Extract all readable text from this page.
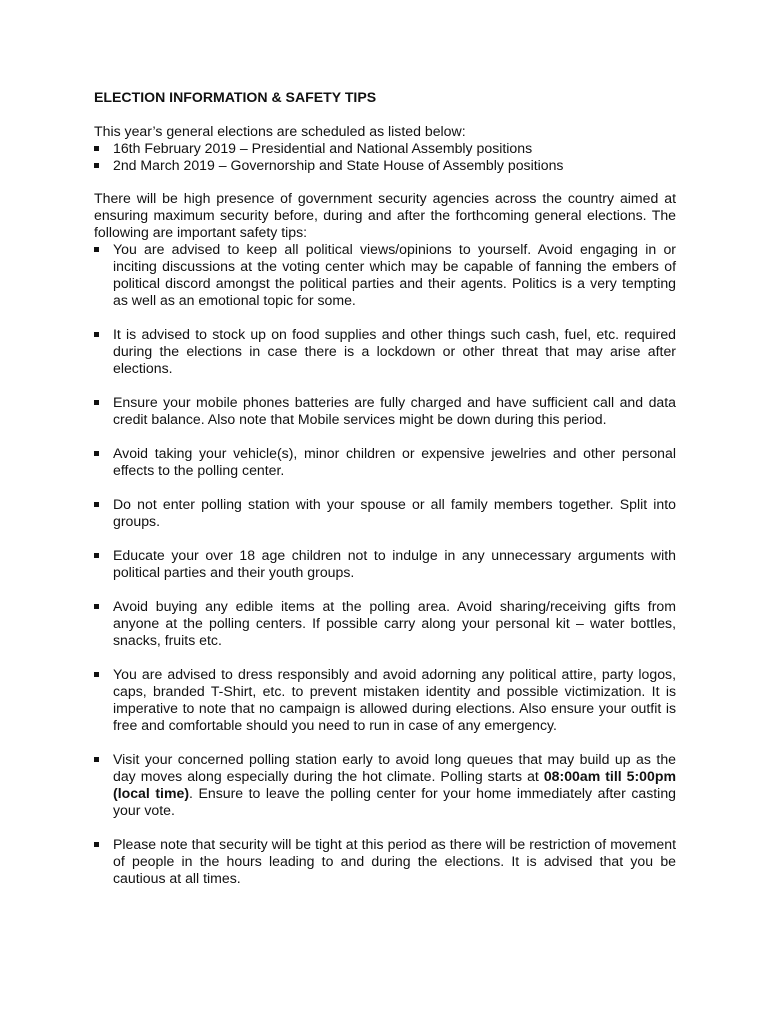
ELECTION INFORMATION & SAFETY TIPS

This year’s general elections are scheduled as listed below:

16th February 2019 – Presidential and National Assembly positions
2nd March 2019 – Governorship and State House of Assembly positions

There will be high presence of government security agencies across the country aimed at ensuring maximum security before, during and after the forthcoming general elections. The following are important safety tips:

You are advised to keep all political views/opinions to yourself. Avoid engaging in or inciting discussions at the voting center which may be capable of fanning the embers of political discord amongst the political parties and their agents. Politics is a very tempting as well as an emotional topic for some.
It is advised to stock up on food supplies and other things such cash, fuel, etc. required during the elections in case there is a lockdown or other threat that may arise after elections.
Ensure your mobile phones batteries are fully charged and have sufficient call and data credit balance. Also note that Mobile services might be down during this period.
Avoid taking your vehicle(s), minor children or expensive jewelries and other personal effects to the polling center.
Do not enter polling station with your spouse or all family members together. Split into groups.
Educate your over 18 age children not to indulge in any unnecessary arguments with political parties and their youth groups.
Avoid buying any edible items at the polling area. Avoid sharing/receiving gifts from anyone at the polling centers. If possible carry along your personal kit – water bottles, snacks, fruits etc.
You are advised to dress responsibly and avoid adorning any political attire, party logos, caps, branded T-Shirt, etc. to prevent mistaken identity and possible victimization. It is imperative to note that no campaign is allowed during elections. Also ensure your outfit is free and comfortable should you need to run in case of any emergency.
Visit your concerned polling station early to avoid long queues that may build up as the day moves along especially during the hot climate. Polling starts at 08:00am till 5:00pm (local time). Ensure to leave the polling center for your home immediately after casting your vote.
Please note that security will be tight at this period as there will be restriction of movement of people in the hours leading to and during the elections. It is advised that you be cautious at all times.
